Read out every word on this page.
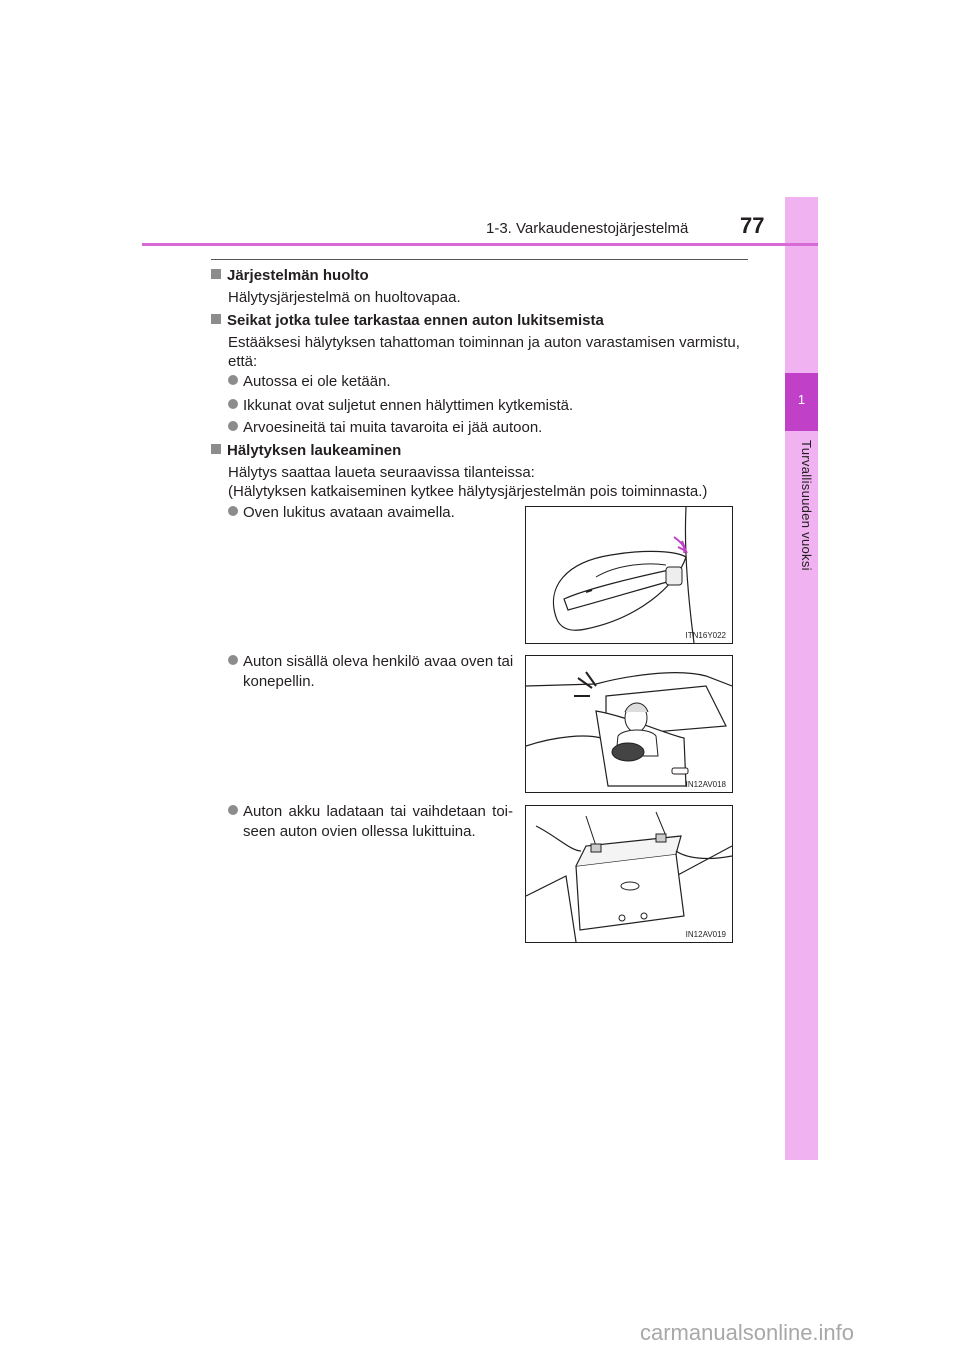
1
Turvallisuuden vuoksi
1-3. Varkaudenestojärjestelmä 77
Järjestelmän huolto
Hälytysjärjestelmä on huoltovapaa.
Seikat jotka tulee tarkastaa ennen auton lukitsemista
Estääksesi hälytyksen tahattoman toiminnan ja auton varastamisen varmistu,
että:
Autossa ei ole ketään.
Ikkunat ovat suljetut ennen hälyttimen kytkemistä.
Arvoesineitä tai muita tavaroita ei jää autoon.
Hälytyksen laukeaminen
Hälytys saattaa laueta seuraavissa tilanteissa:
(Hälytyksen katkaiseminen kytkee hälytysjärjestelmän pois toiminnasta.)
Oven lukitus avataan avaimella.
Auton sisällä oleva henkilö avaa oven tai
konepellin.
Auton akku ladataan tai vaihdetaan toi-
seen auton ovien ollessa lukittuina.
ITN16Y022
IN12AV018
IN12AV019
carmanualsonline.info
